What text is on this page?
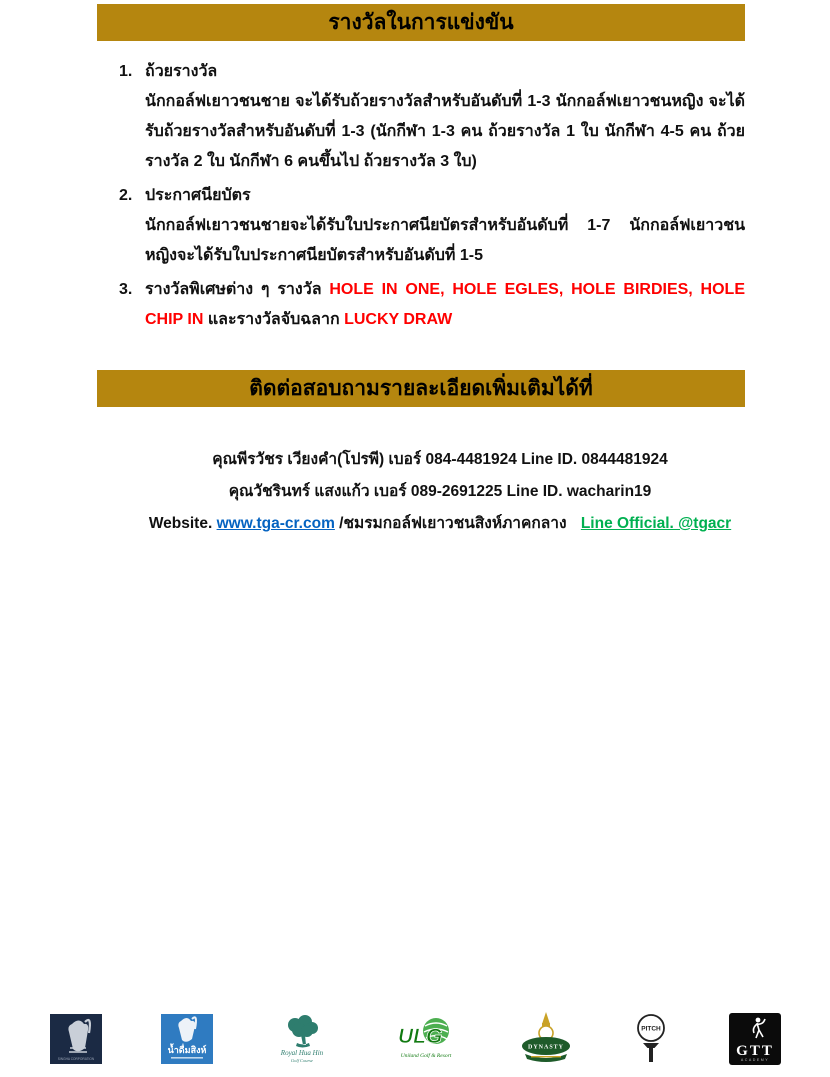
รางวัลในการแข่งขัน
1. ถ้วยรางวัล
นักกอล์ฟเยาวชนชาย จะได้รับถ้วยรางวัลสำหรับอันดับที่ 1-3 นักกอล์ฟเยาวชนหญิง จะได้รับถ้วยรางวัลสำหรับอันดับที่ 1-3 (นักกีฬา 1-3 คน ถ้วยรางวัล 1 ใบ นักกีฬา 4-5 คน ถ้วยรางวัล 2 ใบ นักกีฬา 6 คนขึ้นไป ถ้วยรางวัล 3 ใบ)
2. ประกาศนียบัตร
นักกอล์ฟเยาวชนชายจะได้รับใบประกาศนียบัตรสำหรับอันดับที่ 1-7 นักกอล์ฟเยาวชนหญิงจะได้รับใบประกาศนียบัตรสำหรับอันดับที่ 1-5
3. รางวัลพิเศษต่าง ๆ รางวัล HOLE IN ONE, HOLE EGLES, HOLE BIRDIES, HOLE CHIP IN และรางวัลจับฉลาก LUCKY DRAW
ติดต่อสอบถามรายละเอียดเพิ่มเติมได้ที่
คุณพีรวัชร เวียงคำ(โปรพี) เบอร์ 084-4481924 Line ID. 0844481924
คุณวัชรินทร์ แสงแก้ว เบอร์ 089-2691225 Line ID. wacharin19
Website. www.tga-cr.com /ชมรมกอล์ฟเยาวชนสิงห์ภาคกลาง Line Official. @tgacr
SINGHA CORPORATION
น้ำดื่มสิงห์	Royal Hua Hin
Golf Course
ULG
Uniland Golf & Resort
DYNASTY
PITCH
GTT
ACADEMY
